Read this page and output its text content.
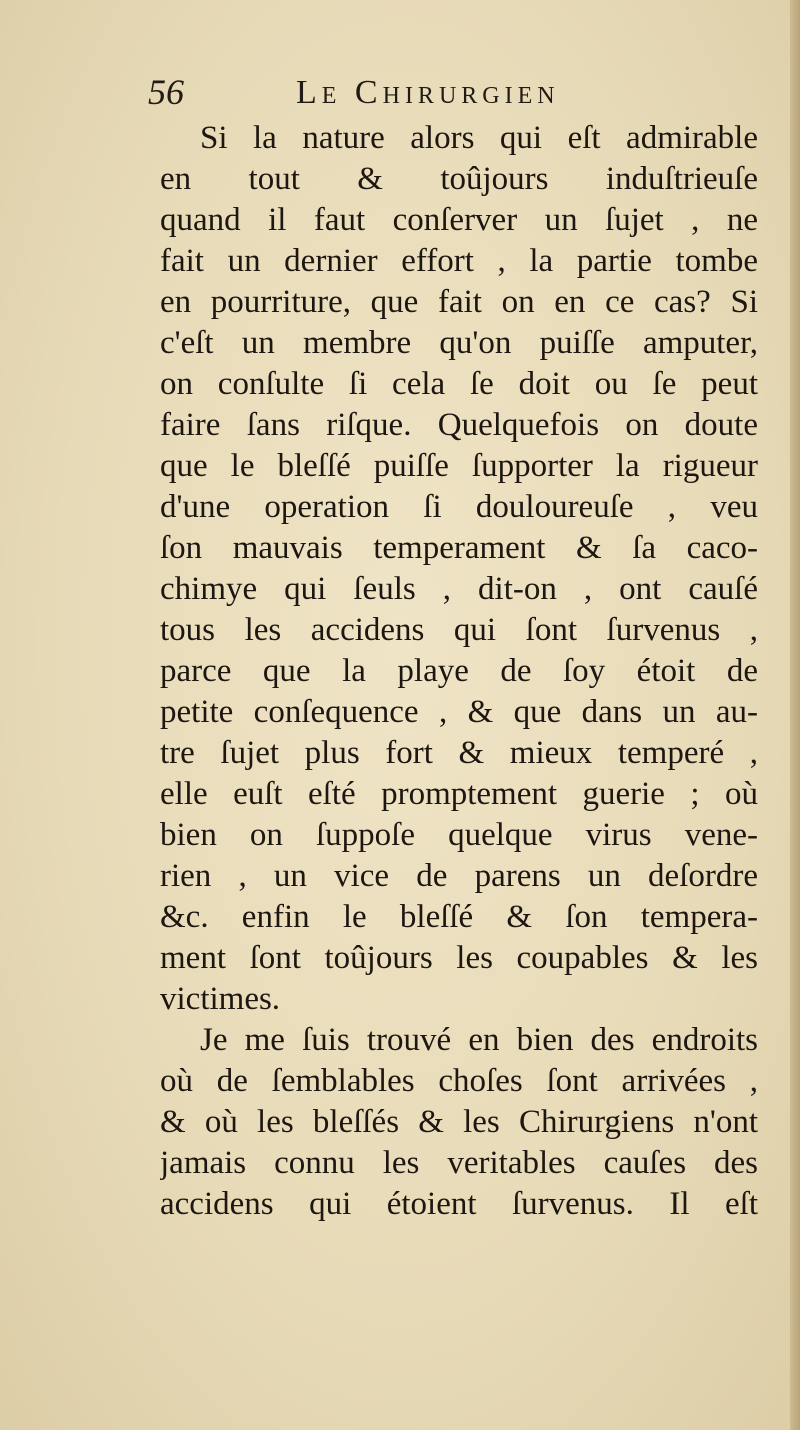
56	Le Chirurgien
Si la nature alors qui eſt admirable
en tout & toûjours induſtrieuſe
quand il faut conſerver un ſujet , ne
fait un dernier effort , la partie tombe
en pourriture, que fait on en ce cas? Si
c'eſt un membre qu'on puiſſe amputer,
on conſulte ſi cela ſe doit ou ſe peut
faire ſans riſque. Quelquefois on doute
que le bleſſé puiſſe ſupporter la rigueur
d'une operation ſi douloureuſe , veu
ſon mauvais temperament & ſa caco-
chimye qui ſeuls , dit-on , ont cauſé
tous les accidens qui ſont ſurvenus ,
parce que la playe de ſoy étoit de
petite conſequence , & que dans un au-
tre ſujet plus fort & mieux temperé ,
elle euſt eſté promptement guerie ; où
bien on ſuppoſe quelque virus vene-
rien , un vice de parens un deſordre
&c. enfin le bleſſé & ſon tempera-
ment ſont toûjours les coupables & les
victimes.
Je me ſuis trouvé en bien des endroits
où de ſemblables choſes ſont arrivées ,
& où les bleſſés & les Chirurgiens n'ont
jamais connu les veritables cauſes des
accidens qui étoient ſurvenus. Il eſt
